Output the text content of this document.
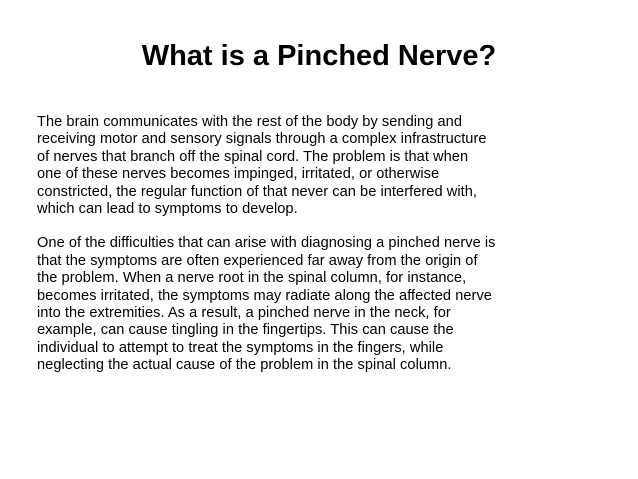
What is a Pinched Nerve?

The brain communicates with the rest of the body by sending and
receiving motor and sensory signals through a complex infrastructure
of nerves that branch off the spinal cord. The problem is that when
one of these nerves becomes impinged, irritated, or otherwise
constricted, the regular function of that never can be interfered with,
which can lead to symptoms to develop.

One of the difficulties that can arise with diagnosing a pinched nerve is
that the symptoms are often experienced far away from the origin of
the problem. When a nerve root in the spinal column, for instance,
becomes irritated, the symptoms may radiate along the affected nerve
into the extremities. As a result, a pinched nerve in the neck, for
example, can cause tingling in the fingertips. This can cause the
individual to attempt to treat the symptoms in the fingers, while
neglecting the actual cause of the problem in the spinal column.
